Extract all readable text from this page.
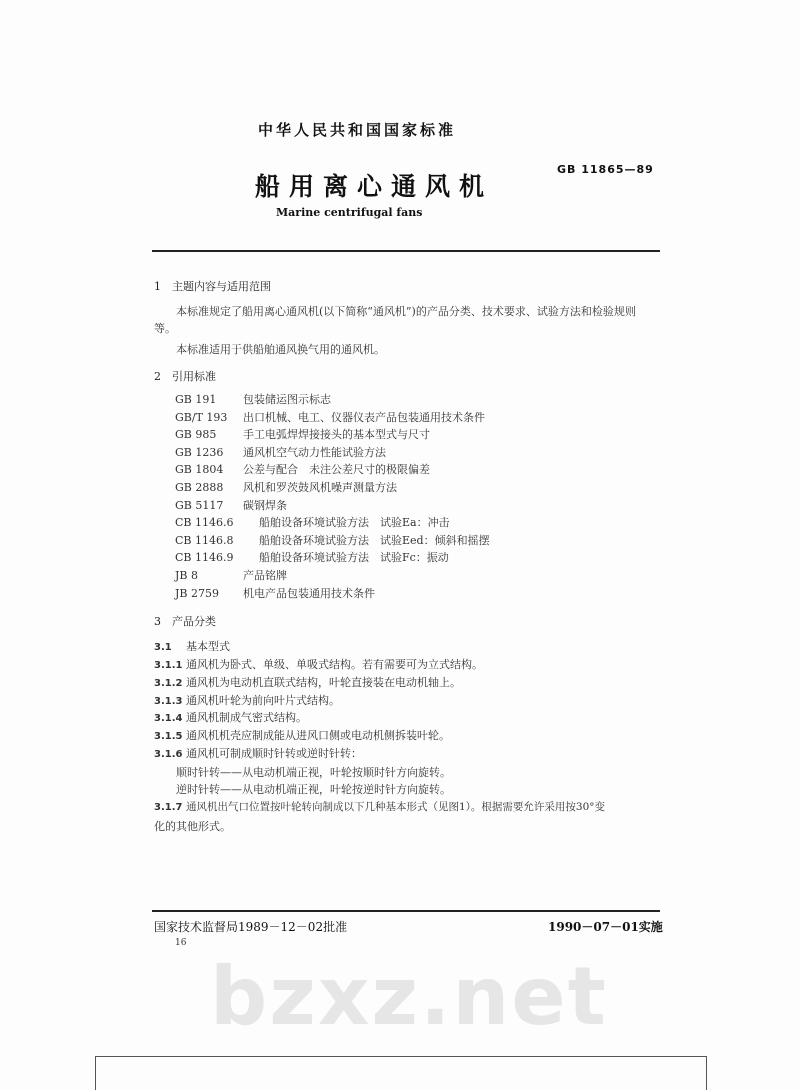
中华人民共和国国家标准
船用离心通风机
GB 11865—89
Marine centrifugal fans
1　主题内容与适用范围
本标准规定了船用离心通风机(以下简称“通风机”)的产品分类、技术要求、试验方法和检验规则
等。
本标准适用于供船舶通风换气用的通风机。
2　引用标准
GB 191 包装储运图示标志
GB/T 193 出口机械、电工、仪器仪表产品包装通用技术条件
GB 985 手工电弧焊焊接接头的基本型式与尺寸
GB 1236 通风机空气动力性能试验方法
GB 1804 公差与配合　未注公差尺寸的极限偏差
GB 2888 风机和罗茨鼓风机噪声测量方法
GB 5117 碳钢焊条
CB 1146.6 船舶设备环境试验方法　试验Ea：冲击
CB 1146.8 船舶设备环境试验方法　试验Eed：倾斜和摇摆
CB 1146.9 船舶设备环境试验方法　试验Fc：振动
JB 8	产品铭牌
JB 2759 机电产品包装通用技术条件
3　产品分类
3.1 基本型式
3.1.1 通风机为卧式、单级、单吸式结构。若有需要可为立式结构。
3.1.2 通风机为电动机直联式结构，叶轮直接装在电动机轴上。
3.1.3 通风机叶轮为前向叶片式结构。
3.1.4 通风机制成气密式结构。
3.1.5 通风机机壳应制成能从进风口侧或电动机侧拆装叶轮。
3.1.6 通风机可制成顺时针转或逆时针转：
顺时针转——从电动机端正视，叶轮按顺时针方向旋转。
逆时针转——从电动机端正视，叶轮按逆时针方向旋转。
3.1.7 通风机出气口位置按叶轮转向制成以下几种基本形式（见图1）。根据需要允许采用按30°变
化的其他形式。
国家技术监督局1989－12－02批准	1990－07－01实施
16
bzxz.net
